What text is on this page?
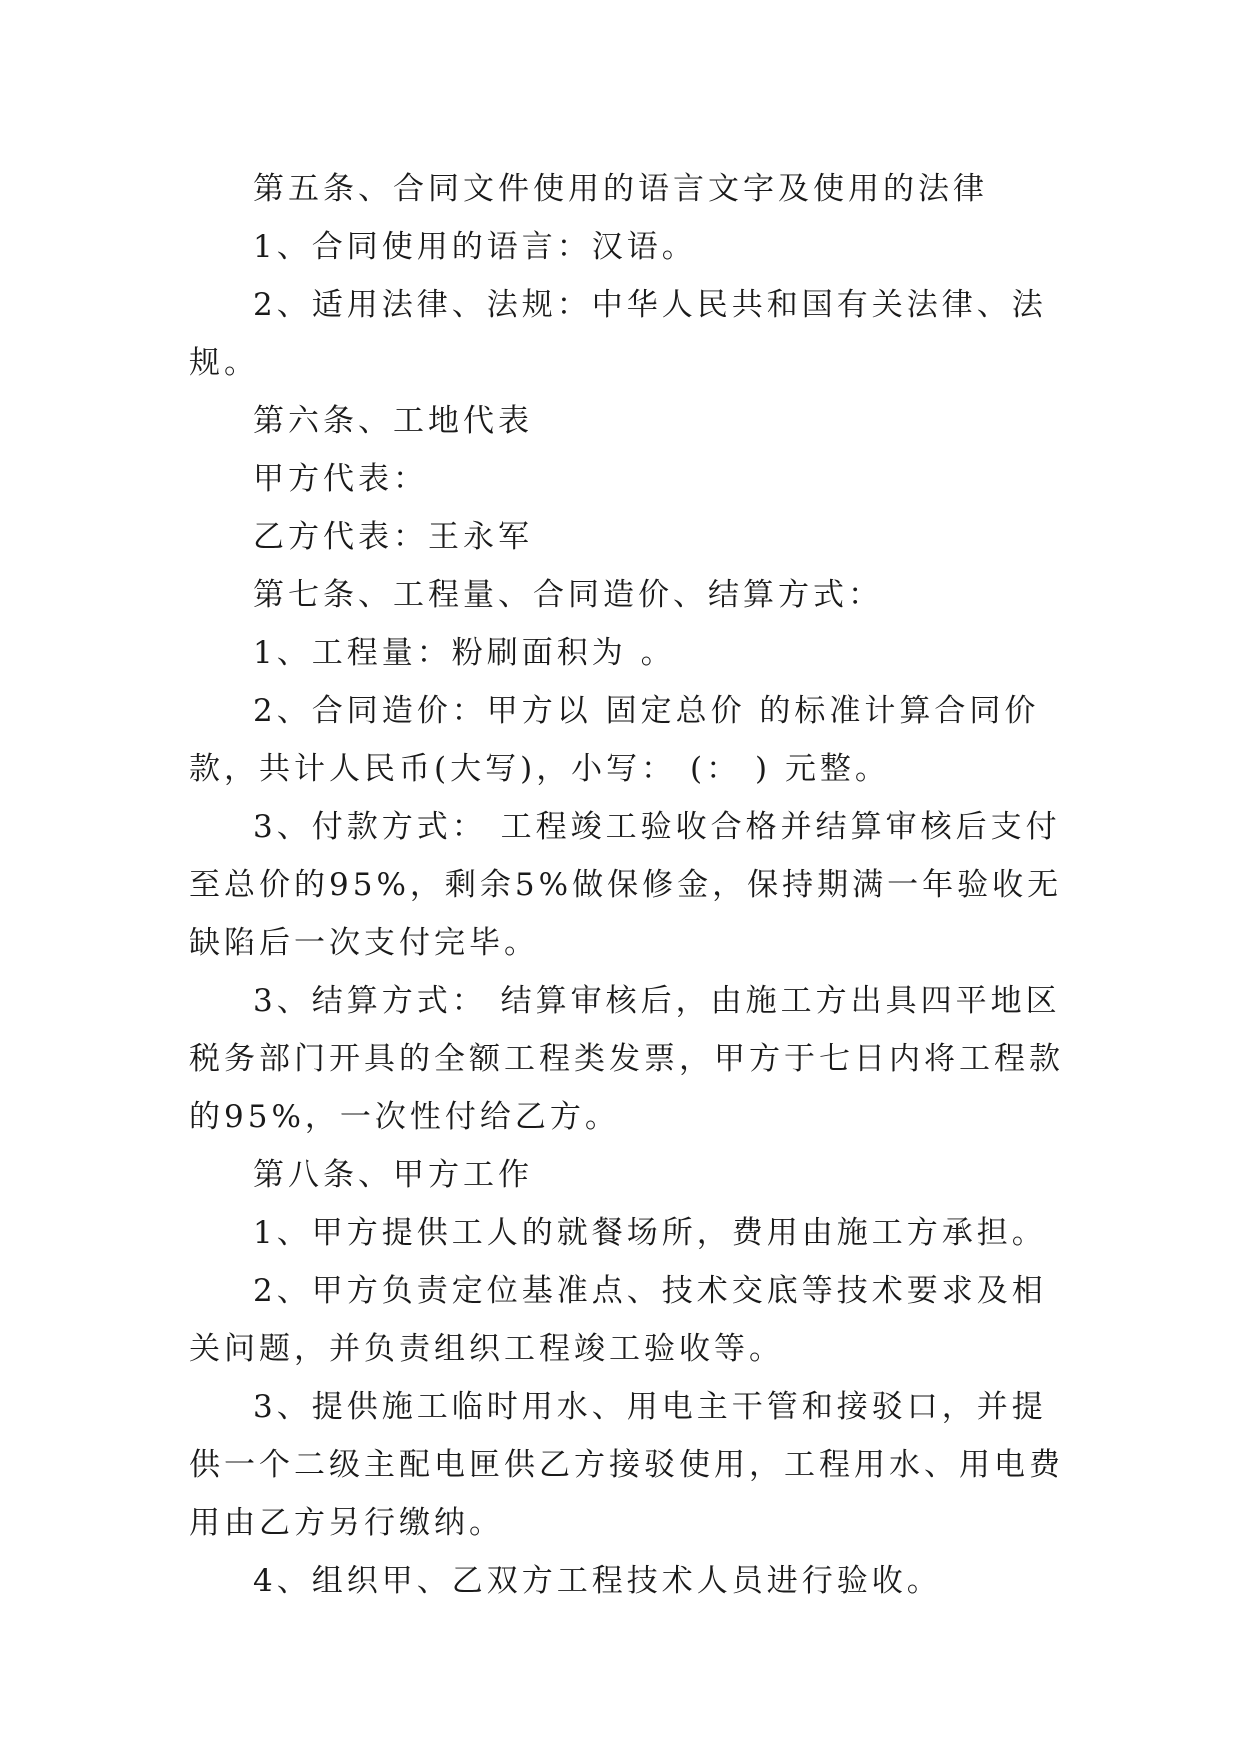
第五条、合同文件使用的语言文字及使用的法律

1、合同使用的语言：汉语。

2、适用法律、法规：中华人民共和国有关法律、法规。

第六条、工地代表

甲方代表：

乙方代表：王永军

第七条、工程量、合同造价、结算方式：

1、工程量：粉刷面积为 。

2、合同造价：甲方以 固定总价 的标准计算合同价款，共计人民币(大写)，小写： (： ) 元整。

3、付款方式： 工程竣工验收合格并结算审核后支付至总价的95%，剩余5%做保修金，保持期满一年验收无缺陷后一次支付完毕。

3、结算方式： 结算审核后，由施工方出具四平地区税务部门开具的全额工程类发票，甲方于七日内将工程款的95%，一次性付给乙方。

第八条、甲方工作

1、甲方提供工人的就餐场所，费用由施工方承担。

2、甲方负责定位基准点、技术交底等技术要求及相关问题，并负责组织工程竣工验收等。

3、提供施工临时用水、用电主干管和接驳口，并提供一个二级主配电匣供乙方接驳使用，工程用水、用电费用由乙方另行缴纳。

4、组织甲、乙双方工程技术人员进行验收。
